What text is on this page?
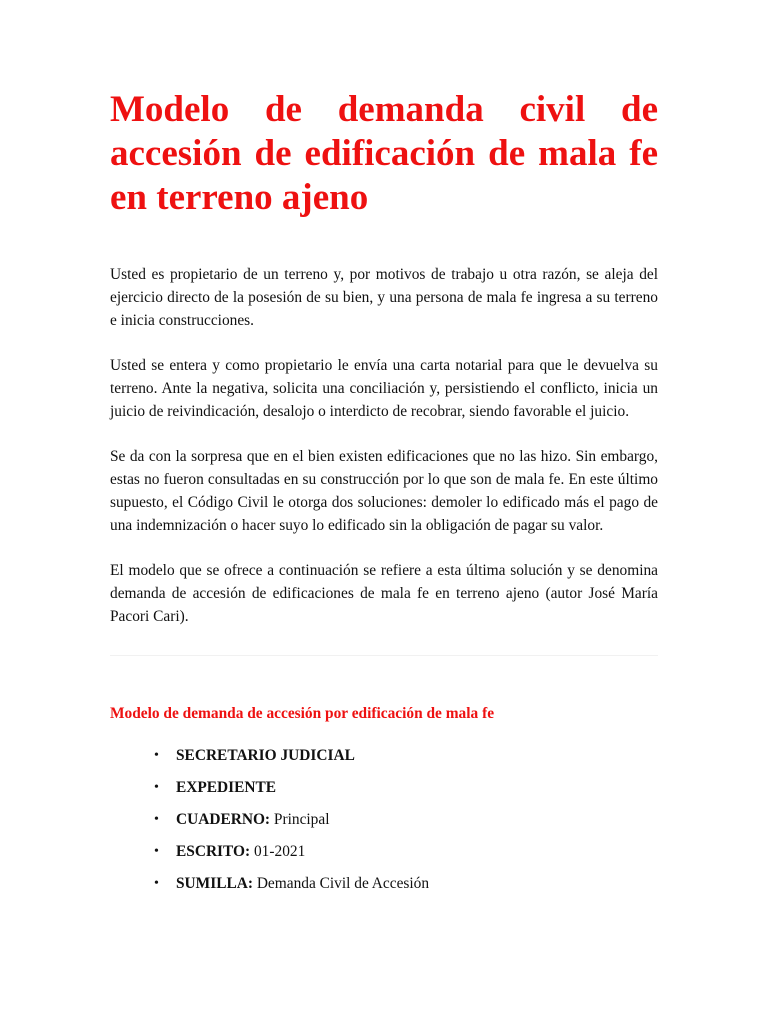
Modelo de demanda civil de accesión de edificación de mala fe en terreno ajeno

Usted es propietario de un terreno y, por motivos de trabajo u otra razón, se aleja del ejercicio directo de la posesión de su bien, y una persona de mala fe ingresa a su terreno e inicia construcciones.

Usted se entera y como propietario le envía una carta notarial para que le devuelva su terreno. Ante la negativa, solicita una conciliación y, persistiendo el conflicto, inicia un juicio de reivindicación, desalojo o interdicto de recobrar, siendo favorable el juicio.

Se da con la sorpresa que en el bien existen edificaciones que no las hizo. Sin embargo, estas no fueron consultadas en su construcción por lo que son de mala fe. En este último supuesto, el Código Civil le otorga dos soluciones: demoler lo edificado más el pago de una indemnización o hacer suyo lo edificado sin la obligación de pagar su valor.

El modelo que se ofrece a continuación se refiere a esta última solución y se denomina demanda de accesión de edificaciones de mala fe en terreno ajeno (autor José María Pacori Cari).

Modelo de demanda de accesión por edificación de mala fe
• SECRETARIO JUDICIAL
• EXPEDIENTE
• CUADERNO: Principal
• ESCRITO: 01-2021
• SUMILLA: Demanda Civil de Accesión
